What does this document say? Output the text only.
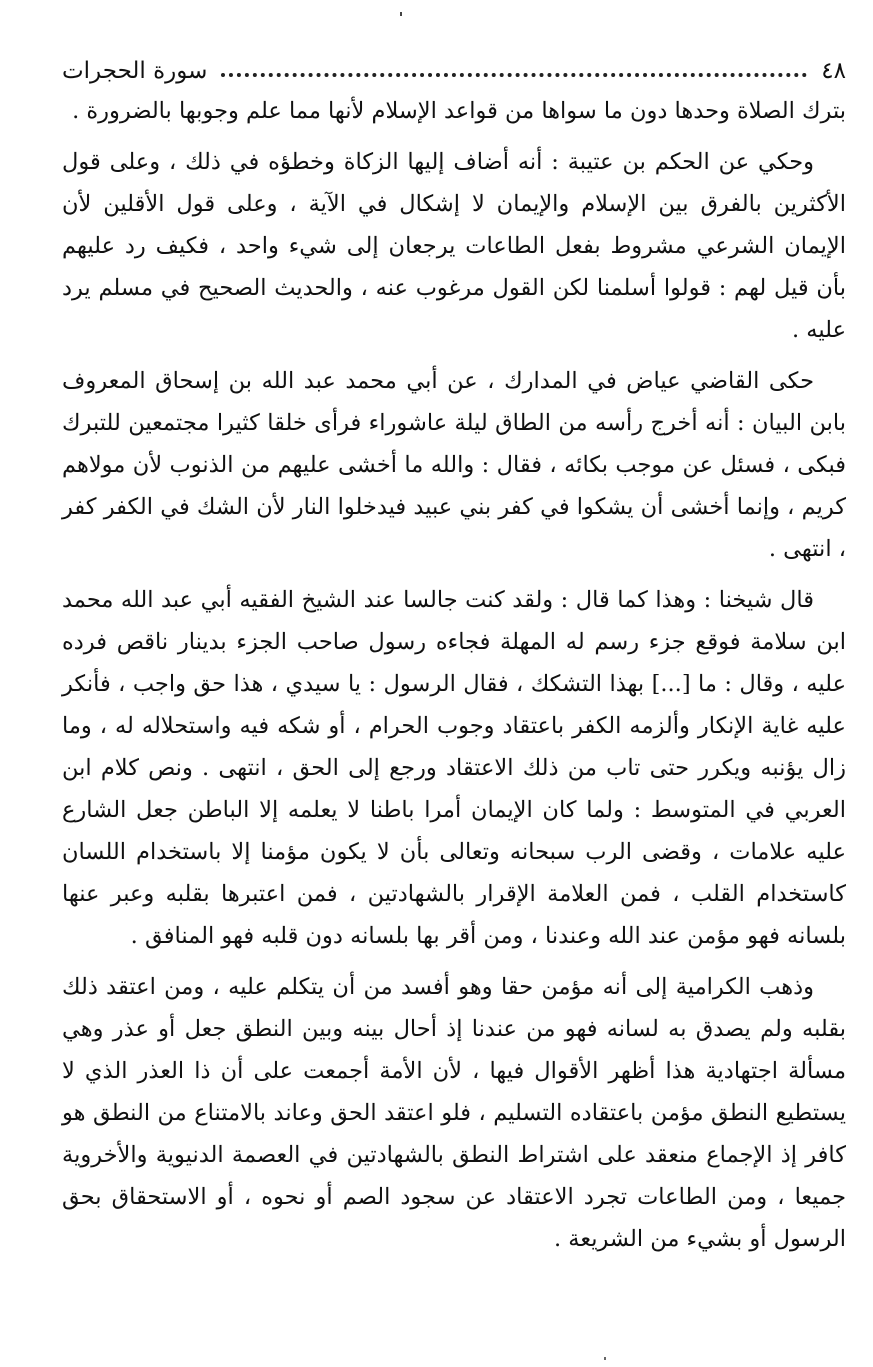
٤٨
سورة الحجرات

بترك الصلاة وحدها دون ما سواها من قواعد الإسلام لأنها مما علم وجوبها بالضرورة .

وحكي عن الحكم بن عتيبة : أنه أضاف إليها الزكاة وخطؤه في ذلك ، وعلى قول الأكثرين بالفرق بين الإسلام والإيمان لا إشكال في الآية ، وعلى قول الأقلين لأن الإيمان الشرعي مشروط بفعل الطاعات يرجعان إلى شيء واحد ، فكيف رد عليهم بأن قيل لهم : قولوا أسلمنا لكن القول مرغوب عنه ، والحديث الصحيح في مسلم يرد عليه .

حكى القاضي عياض في المدارك ، عن أبي محمد عبد الله بن إسحاق المعروف بابن البيان : أنه أخرج رأسه من الطاق ليلة عاشوراء فرأى خلقا كثيرا مجتمعين للتبرك فبكى ، فسئل عن موجب بكائه ، فقال : والله ما أخشى عليهم من الذنوب لأن مولاهم كريم ، وإنما أخشى أن يشكوا في كفر بني عبيد فيدخلوا النار لأن الشك في الكفر كفر ، انتهى .

قال شيخنا : وهذا كما قال : ولقد كنت جالسا عند الشيخ الفقيه أبي عبد الله محمد ابن سلامة فوقع جزء رسم له المهلة فجاءه رسول صاحب الجزء بدينار ناقص فرده عليه ، وقال : ما [...] بهذا التشكك ، فقال الرسول : يا سيدي ، هذا حق واجب ، فأنكر عليه غاية الإنكار وألزمه الكفر باعتقاد وجوب الحرام ، أو شكه فيه واستحلاله له ، وما زال يؤنبه ويكرر حتى تاب من ذلك الاعتقاد ورجع إلى الحق ، انتهى . ونص كلام ابن العربي في المتوسط : ولما كان الإيمان أمرا باطنا لا يعلمه إلا الباطن جعل الشارع عليه علامات ، وقضى الرب سبحانه وتعالى بأن لا يكون مؤمنا إلا باستخدام اللسان كاستخدام القلب ، فمن العلامة الإقرار بالشهادتين ، فمن اعتبرها بقلبه وعبر عنها بلسانه فهو مؤمن عند الله وعندنا ، ومن أقر بها بلسانه دون قلبه فهو المنافق .

وذهب الكرامية إلى أنه مؤمن حقا وهو أفسد من أن يتكلم عليه ، ومن اعتقد ذلك بقلبه ولم يصدق به لسانه فهو من عندنا إذ أحال بينه وبين النطق جعل أو عذر وهي مسألة اجتهادية هذا أظهر الأقوال فيها ، لأن الأمة أجمعت على أن ذا العذر الذي لا يستطيع النطق مؤمن باعتقاده التسليم ، فلو اعتقد الحق وعاند بالامتناع من النطق هو كافر إذ الإجماع منعقد على اشتراط النطق بالشهادتين في العصمة الدنيوية والأخروية جميعا ، ومن الطاعات تجرد الاعتقاد عن سجود الصم أو نحوه ، أو الاستحقاق بحق الرسول أو بشيء من الشريعة .
